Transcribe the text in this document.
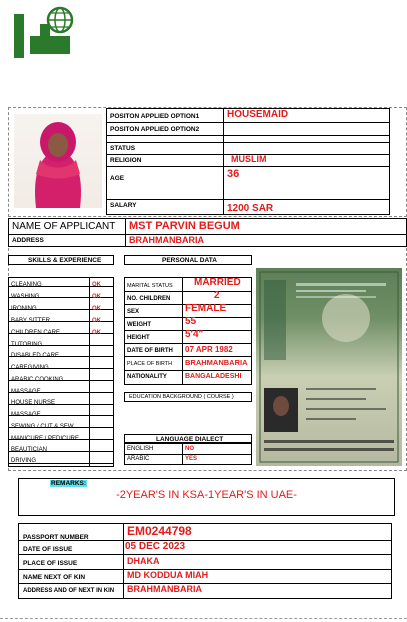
POSITON APPLIED OPTION1	HOUSEMAID
POSITON APPLIED OPTION2
STATUS
RELIGION	MUSLIM
AGE	36
SALARY	1200 SAR
NAME OF APPLICANT MST PARVIN BEGUM
ADDRESS	BRAHMANBARIA
SKILLS & EXPERIENCE
CLEANING	OK
WASHING	OK
IRONING	OK
BABY SITTER	OK
CHILDREN CARE	OK
TUTORING
DISABLED CARE
CAREGIVING
ARABIC COOKING
MASSAGE
HOUSE NURSE
MASSAGE
SEWING / CUT & SEW
MANICURE / PEDICURE
BEAUTICIAN
DRIVING
PERSONAL DATA
MARITAL STATUS MARRIED
NO. CHILDREN	2
SEX	FEMALE
WEIGHT	55
HEIGHT	5'4"
DATE OF BIRTH 07 APR 1982
PLACE OF BIRTH BRAHMANBARIA
NATIONALITY	BANGALADESHI
EDUCATION BACKGROUND ( COURSE )
LANGUAGE DIALECT
ENGLISH	NO
ARABIC	YES
REMARKS:
-2YEAR'S IN KSA-1YEAR'S IN UAE-
PASSPORT NUMBER	EM0244798
DATE OF ISSUE	05 DEC 2023
PLACE OF ISSUE	DHAKA
NAME NEXT OF KIN	MD KODDUA MIAH
ADDRESS AND OF NEXT IN KIN BRAHMANBARIA
